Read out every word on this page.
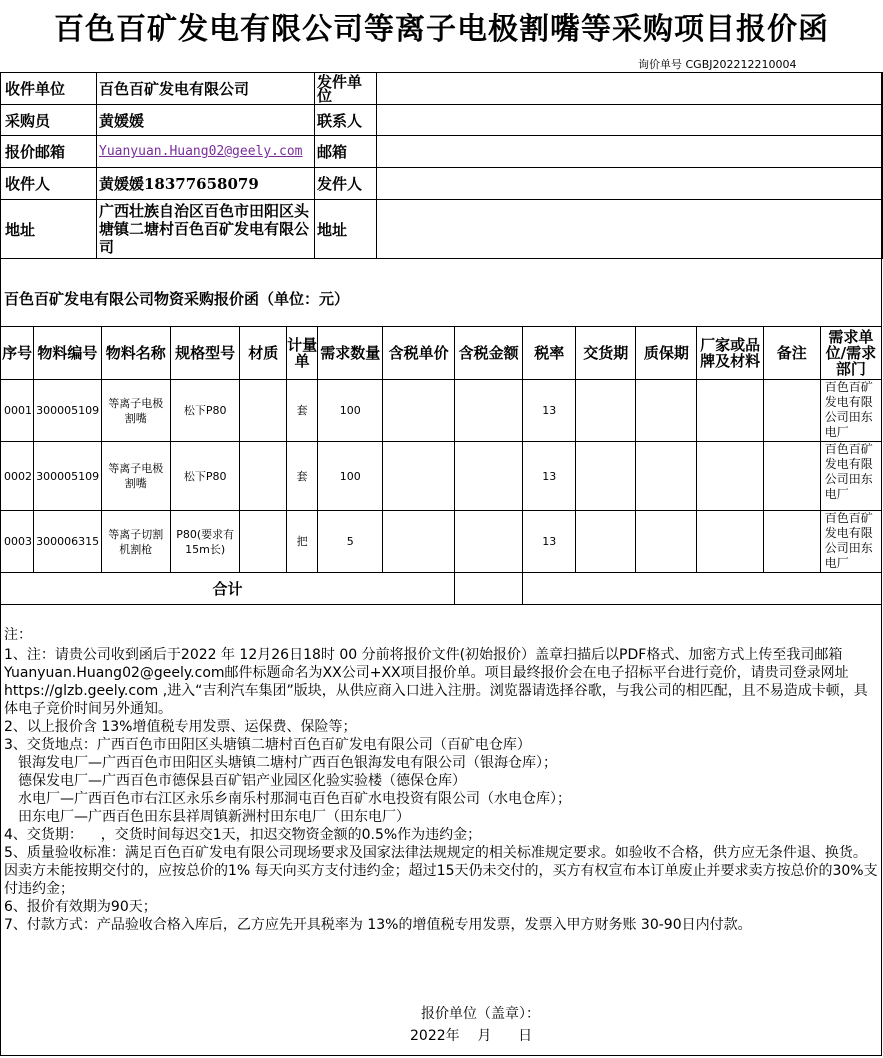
百色百矿发电有限公司等离子电极割嘴等采购项目报价函
询价单号 CGBJ202212210004
收件单位	百色百矿发电有限公司	发件单位	
采购员	黄媛媛	联系人	
报价邮箱	Yuanyuan.Huang02@geely.com	邮箱	
收件人	黄媛媛18377658079	发件人	
地址	广西壮族自治区百色市田阳区头塘镇二塘村百色百矿发电有限公司	地址	
百色百矿发电有限公司物资采购报价函（单位：元）
序号	物料编号	物料名称	规格型号	材质	计量单	需求数量	含税单价	含税金额	税率	交货期	质保期	厂家或品牌及材料	备注	需求单位/需求部门
0001	300005109	等离子电极割嘴	松下P80		套	100			13					百色百矿发电有限公司田东电厂
0002	300005109	等离子电极割嘴	松下P80		套	100			13					百色百矿发电有限公司田东电厂
0003	300006315	等离子切割机割枪	P80(要求有15m长)		把	5			13					百色百矿发电有限公司田东电厂
合计														

注：

1、注：请贵公司收到函后于2022 年 12月26日18时 00 分前将报价文件(初始报价）盖章扫描后以PDF格式、加密方式上传至我司邮箱Yuanyuan.Huang02@geely.com邮件标题命名为XX公司+XX项目报价单。项目最终报价会在电子招标平台进行竞价，请贵司登录网址https://glzb.geely.com ,进入“吉利汽车集团”版块，从供应商入口进入注册。浏览器请选择谷歌，与我公司的相匹配，且不易造成卡顿，具体电子竞价时间另外通知。

2、以上报价含 13%增值税专用发票、运保费、保险等；

3、交货地点：广西百色市田阳区头塘镇二塘村百色百矿发电有限公司（百矿电仓库）

银海发电厂—广西百色市田阳区头塘镇二塘村广西百色银海发电有限公司（银海仓库）；

德保发电厂—广西百色市德保县百矿铝产业园区化验实验楼（德保仓库）

水电厂—广西百色市右江区永乐乡南乐村那洞屯百色百矿水电投资有限公司（水电仓库）；

田东电厂—广西百色田东县祥周镇新洲村田东电厂（田东电厂）

4、交货期：    ，交货时间每迟交1天，扣迟交物资金额的0.5%作为违约金；

5、质量验收标准：满足百色百矿发电有限公司现场要求及国家法律法规规定的相关标准规定要求。如验收不合格，供方应无条件退、换货。因卖方未能按期交付的，应按总价的1% 每天向买方支付违约金；超过15天仍未交付的，买方有权宣布本订单废止并要求卖方按总价的30%支付违约金；

6、报价有效期为90天；

7、付款方式：产品验收合格入库后，乙方应先开具税率为 13%的增值税专用发票，发票入甲方财务账 30-90日内付款。

报价单位（盖章）：
2022年    月      日
